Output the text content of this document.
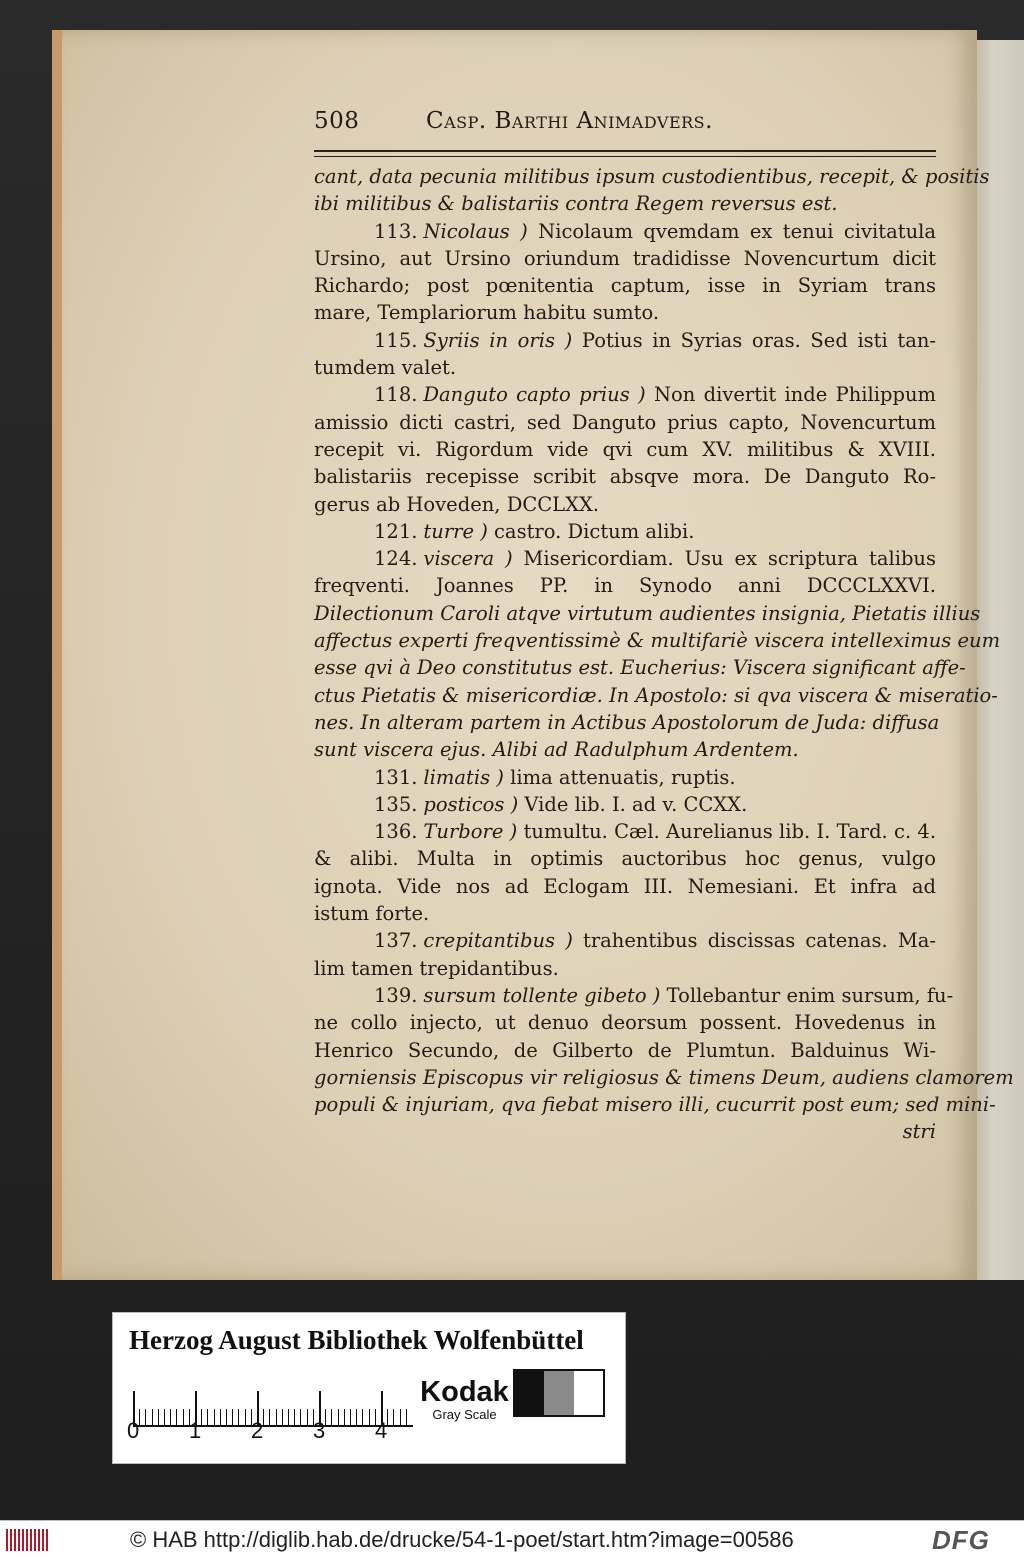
508	Casp. Barthi Animadvers.
cant, data pecunia militibus ipsum custodientibus, recepit, & positis
ibi militibus & balistariis contra Regem reversus est.
113. Nicolaus ) Nicolaum qvemdam ex tenui civitatula
Ursino, aut Ursino oriundum tradidisse Novencurtum dicit
Richardo; post pœnitentia captum, isse in Syriam trans
mare, Templariorum habitu sumto.
115. Syriis in oris ) Potius in Syrias oras. Sed isti tan-
tumdem valet.
118. Danguto capto prius ) Non divertit inde Philippum
amissio dicti castri, sed Danguto prius capto, Novencurtum
recepit vi. Rigordum vide qvi cum XV. militibus & XVIII.
balistariis recepisse scribit absqve mora. De Danguto Ro-
gerus ab Hoveden, DCCLXX.
121. turre ) castro. Dictum alibi.
124. viscera ) Misericordiam. Usu ex scriptura talibus
freqventi. Joannes PP. in Synodo anni DCCCLXXVI.
Dilectionum Caroli atqve virtutum audientes insignia, Pietatis illius
affectus experti freqventissimè & multifariè viscera intelleximus eum
esse qvi à Deo constitutus est. Eucherius: Viscera significant affe-
ctus Pietatis & misericordiæ. In Apostolo: si qva viscera & miseratio-
nes. In alteram partem in Actibus Apostolorum de Juda: diffusa
sunt viscera ejus. Alibi ad Radulphum Ardentem.
131. limatis ) lima attenuatis, ruptis.
135. posticos ) Vide lib. I. ad v. CCXX.
136. Turbore ) tumultu. Cæl. Aurelianus lib. I. Tard. c. 4.
& alibi. Multa in optimis auctoribus hoc genus, vulgo
ignota. Vide nos ad Eclogam III. Nemesiani. Et infra ad
istum forte.
137. crepitantibus ) trahentibus discissas catenas. Ma-
lim tamen trepidantibus.
139. sursum tollente gibeto ) Tollebantur enim sursum, fu-
ne collo injecto, ut denuo deorsum possent. Hovedenus in
Henrico Secundo, de Gilberto de Plumtun. Balduinus Wi-
gorniensis Episcopus vir religiosus & timens Deum, audiens clamorem
populi & injuriam, qva fiebat misero illi, cucurrit post eum; sed mini-
stri
Herzog August Bibliothek Wolfenbüttel
Kodak
Gray Scale
0 1 2 3 4
© HAB http://diglib.hab.de/drucke/54-1-poet/start.htm?image=00586	DFG
